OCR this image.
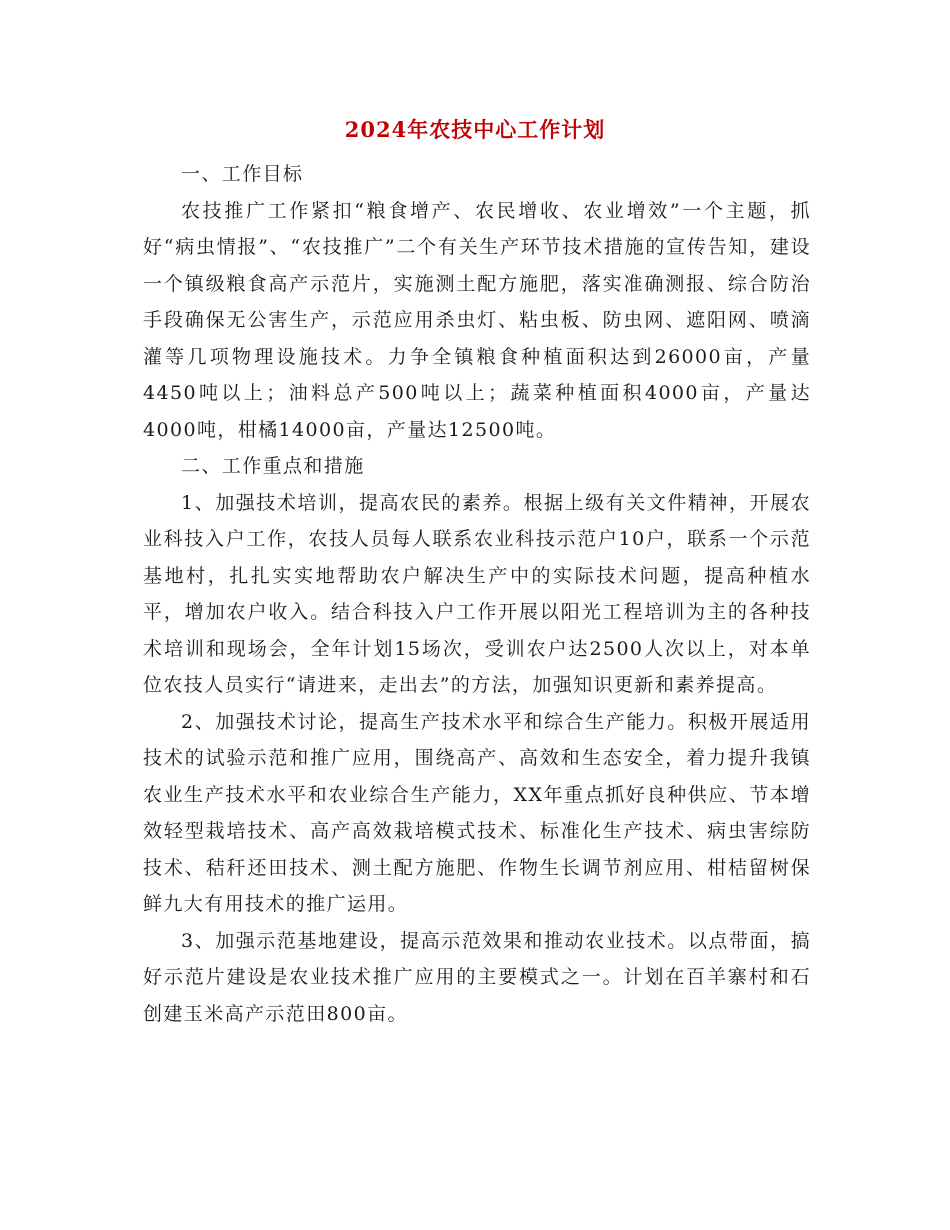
2024年农技中心工作计划

一、工作目标

农技推广工作紧扣“粮食增产、农民增收、农业增效”一个主题，抓好“病虫情报”、“农技推广”二个有关生产环节技术措施的宣传告知，建设一个镇级粮食高产示范片，实施测土配方施肥，落实准确测报、综合防治手段确保无公害生产，示范应用杀虫灯、粘虫板、防虫网、遮阳网、喷滴灌等几项物理设施技术。力争全镇粮食种植面积达到26000亩，产量4450吨以上；油料总产500吨以上；蔬菜种植面积4000亩，产量达4000吨，柑橘14000亩，产量达12500吨。

二、工作重点和措施

1、加强技术培训，提高农民的素养。根据上级有关文件精神，开展农业科技入户工作，农技人员每人联系农业科技示范户10户，联系一个示范基地村，扎扎实实地帮助农户解决生产中的实际技术问题，提高种植水平，增加农户收入。结合科技入户工作开展以阳光工程培训为主的各种技术培训和现场会，全年计划15场次，受训农户达2500人次以上，对本单位农技人员实行“请进来，走出去”的方法，加强知识更新和素养提高。

2、加强技术讨论，提高生产技术水平和综合生产能力。积极开展适用技术的试验示范和推广应用，围绕高产、高效和生态安全，着力提升我镇农业生产技术水平和农业综合生产能力，XX年重点抓好良种供应、节本增效轻型栽培技术、高产高效栽培模式技术、标准化生产技术、病虫害综防技术、秸秆还田技术、测土配方施肥、作物生长调节剂应用、柑桔留树保鲜九大有用技术的推广运用。

3、加强示范基地建设，提高示范效果和推动农业技术。以点带面，搞好示范片建设是农业技术推广应用的主要模式之一。计划在百羊寨村和石创建玉米高产示范田800亩。
